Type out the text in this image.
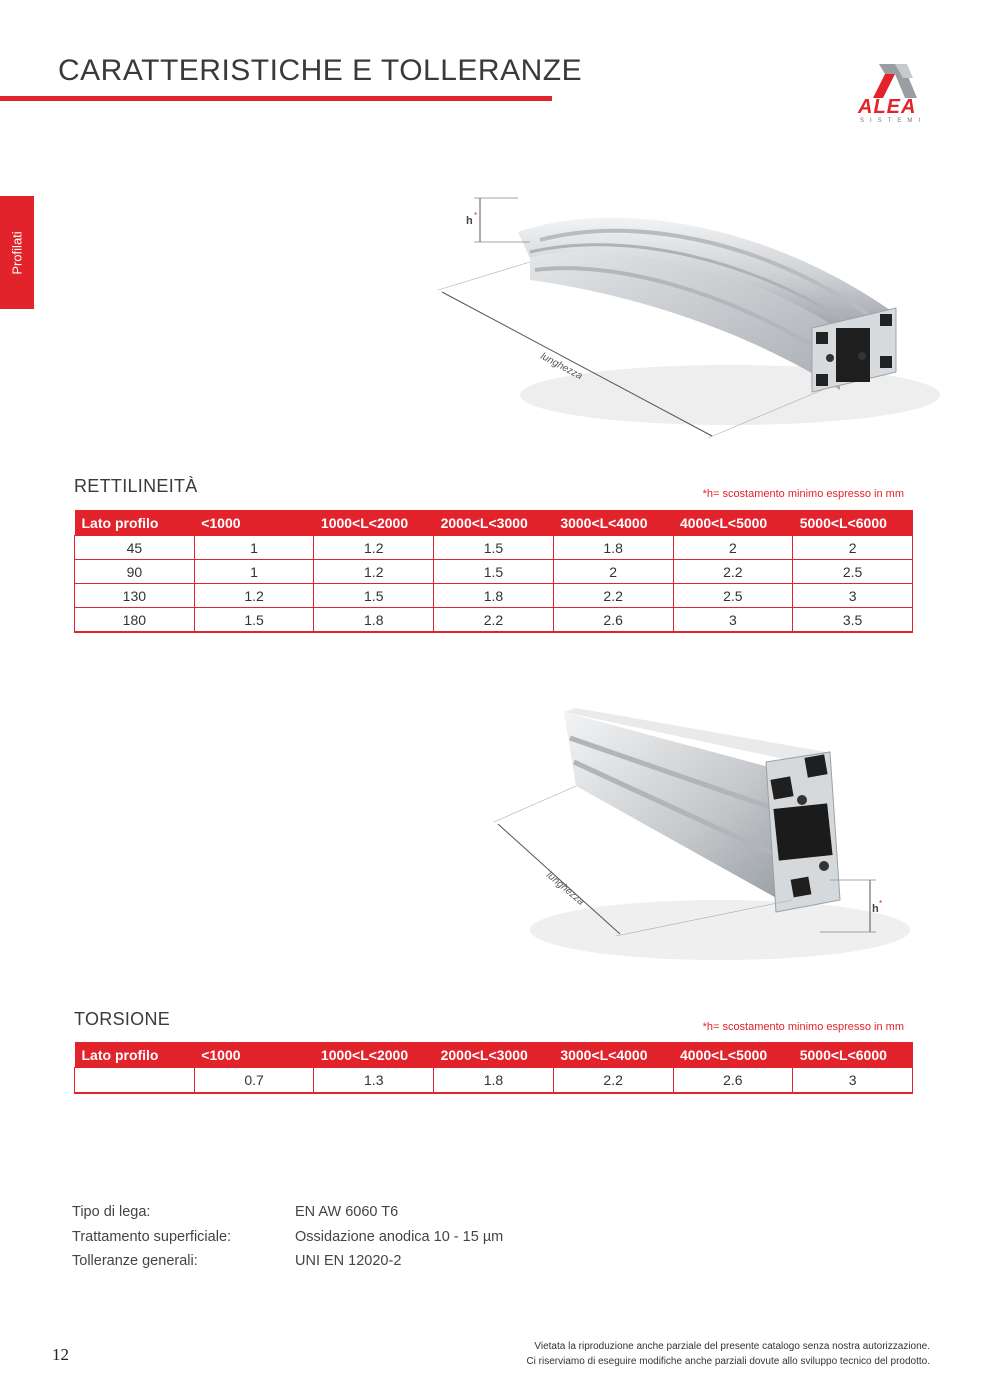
CARATTERISTICHE E TOLLERANZE
ALEA
SISTEMI
Profilati
h *
lunghezza
RETTILINEITÀ	*h= scostamento minimo espresso in mm
Lato profilo	<1000	1000<L<2000	2000<L<3000	3000<L<4000	4000<L<5000	5000<L<6000
45	1	1.2	1.5	1.8	2	2
90	1	1.2	1.5	2	2.2	2.5
130	1.2	1.5	1.8	2.2	2.5	3
180	1.5	1.8	2.2	2.6	3	3.5
lunghezza
h *
TORSIONE	*h= scostamento minimo espresso in mm
Lato profilo	<1000	1000<L<2000	2000<L<3000	3000<L<4000	4000<L<5000	5000<L<6000
	0.7	1.3	1.8	2.2	2.6	3
Tipo di lega:	EN AW 6060 T6
Trattamento superficiale:	Ossidazione anodica 10 - 15 µm
Tolleranze generali:	UNI EN 12020-2
12	Vietata la riproduzione anche parziale del presente catalogo senza nostra autorizzazione.
Ci riserviamo di eseguire modifiche anche parziali dovute allo sviluppo tecnico del prodotto.
